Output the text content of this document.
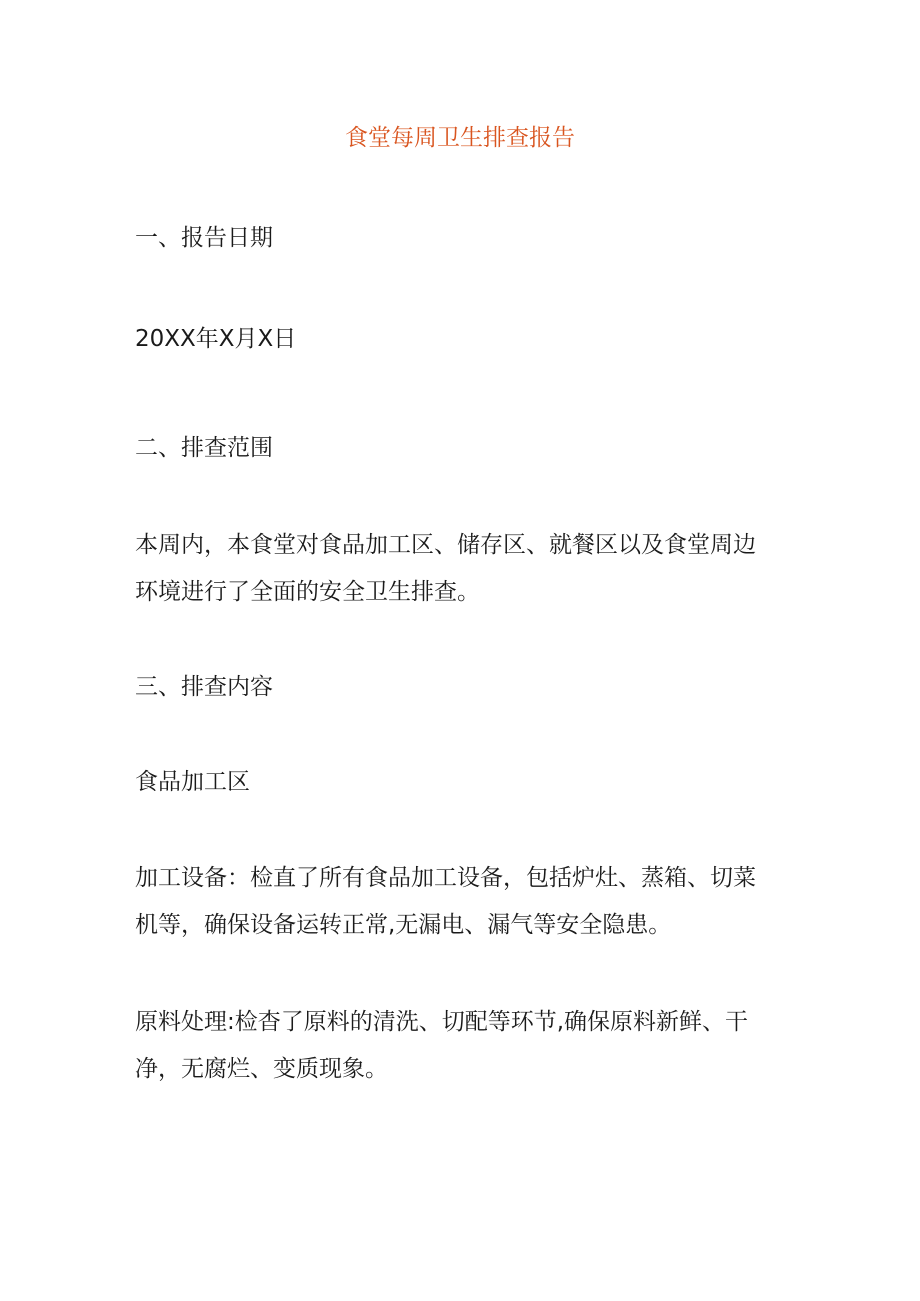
食堂每周卫生排查报告
一、报告日期
20XX年X月X日
二、排查范围
本周内，本食堂对食品加工区、储存区、就餐区以及食堂周边
环境进行了全面的安全卫生排查。
三、排查内容
食品加工区
加工设备：检直了所有食品加工设备，包括炉灶、蒸箱、切菜
机等，确保设备运转正常,无漏电、漏气等安全隐患。
原料处理:检杳了原料的清洗、切配等环节,确保原料新鲜、干
净，无腐烂、变质现象。
